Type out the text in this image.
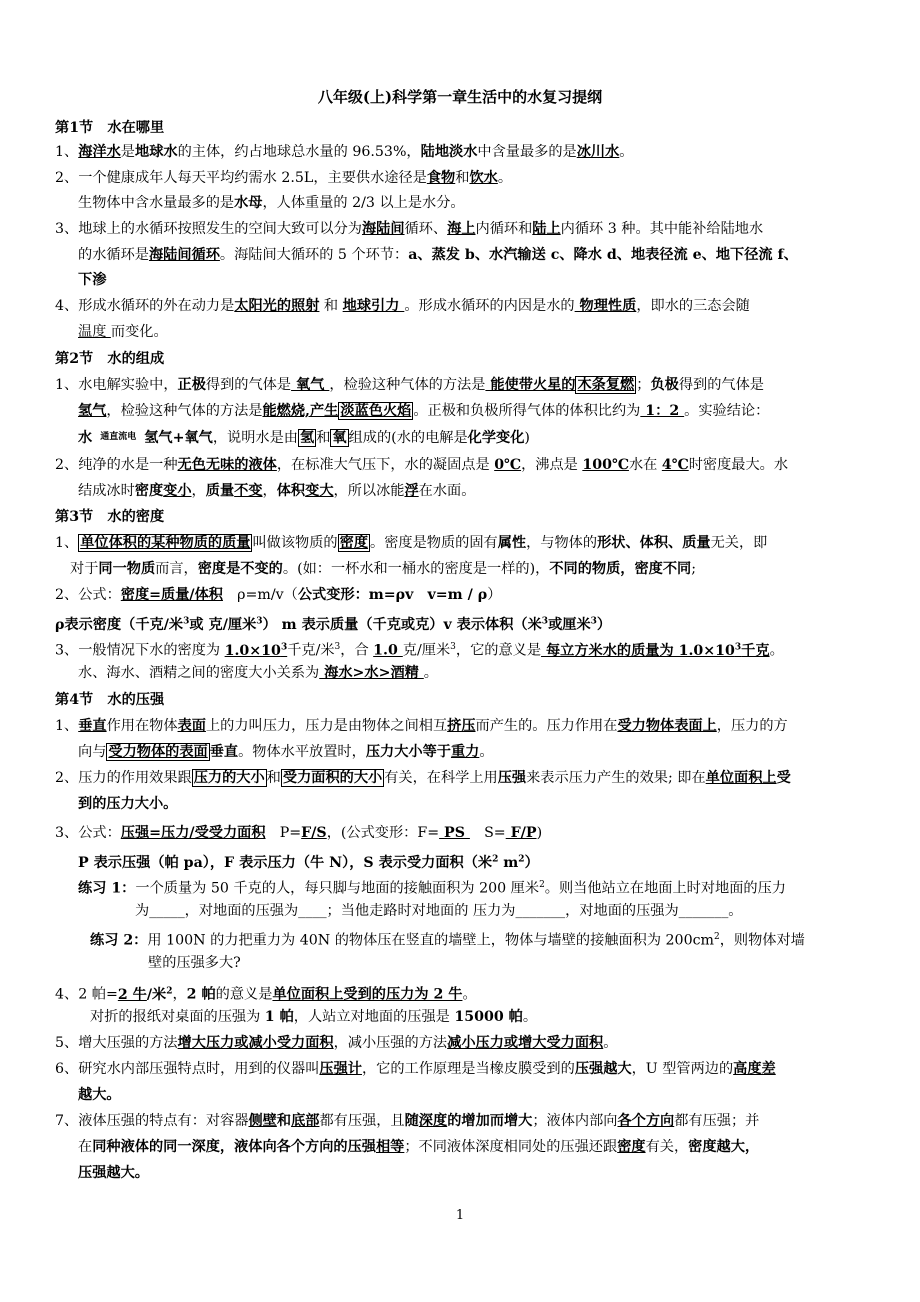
八年级(上)科学第一章生活中的水复习提纲
第1节　水在哪里
1、海洋水是地球水的主体，约占地球总水量的 96.53%，陆地淡水中含量最多的是冰川水。
2、一个健康成年人每天平均约需水 2.5L，主要供水途径是食物和饮水。
生物体中含水量最多的是水母，人体重量的 2/3 以上是水分。
3、地球上的水循环按照发生的空间大致可以分为海陆间循环、海上内循环和陆上内循环 3 种。其中能补给陆地水
的水循环是海陆间循环。海陆间大循环的 5 个环节：a、蒸发 b、水汽输送 c、降水 d、地表径流 e、地下径流 f、
下渗
4、形成水循环的外在动力是太阳光的照射 和 地球引力 。形成水循环的内因是水的 物理性质，即水的三态会随
温度 而变化。
第2节　水的组成
1、水电解实验中，正极得到的气体是 氧气 ，检验这种气体的方法是 能使带火星的 木条复燃 ；负极得到的气体是
氢气，检验这种气体的方法是能燃烧,产生 淡蓝色火焰 。正极和负极所得气体的体积比约为 1：2 。实验结论：
水 $^{通直流电}$ 氢气+氧气，说明水是由 氢 和 氧 组成的(水的电解是化学变化)
2、纯净的水是一种无色无味的液体，在标准大气压下，水的凝固点是 0℃，沸点是 100℃水在 4℃时密度最大。水
结成冰时密度变小，质量不变，体积变大，所以冰能浮在水面。
第3节　水的密度
1、 单位体积的某种物质的质量 叫做该物质的 密度 。密度是物质的固有属性，与物体的形状、体积、质量无关，即
对于同一物质而言，密度是不变的。(如：一杯水和一桶水的密度是一样的)，不同的物质，密度不同;
2、公式：密度=质量/体积　ρ=m/v（公式变形：m=ρv　v=m / ρ）
ρ表示密度（千克/米$^3$或 克/厘米$^3$） m 表示质量（千克或克）v 表示体积（米$^3$或厘米$^3$）
3、一般情况下水的密度为 $1.0\times 10^3$千克/米$^3$，合 1.0 克/厘米$^3$，它的意义是 每立方米水的质量为 $1.0\times 10^3$千克。
水、海水、酒精之间的密度大小关系为 海水>水>酒精 。
第4节　水的压强
1、垂直作用在物体表面上的力叫压力，压力是由物体之间相互挤压而产生的。压力作用在受力物体表面上，压力的方
向与 受力物体的表面 垂直。物体水平放置时，压力大小等于重力。
2、压力的作用效果跟 压力的大小 和 受力面积的大小 有关，在科学上用压强来表示压力产生的效果; 即在单位面积上受
到的压力大小。
3、公式：压强=压力/受受力面积　P=F/S，(公式变形：F= PS 　S= F/P)
P 表示压强（帕 pa），F 表示压力（牛 N），S 表示受力面积（米$^2$ $m^2$）
练习 1：一个质量为 50 千克的人，每只脚与地面的接触面积为 200 厘米$^2$。则当他站立在地面上时对地面的压力
为_____，对地面的压强为____；当他走路时对地面的 压力为_______，对地面的压强为_______。
练习 2：用 100N 的力把重力为 40N 的物体压在竖直的墙壁上，物体与墙壁的接触面积为 $200cm^2$，则物体对墙
壁的压强多大?
4、2 帕=2 牛/米$^2$，2 帕的意义是单位面积上受到的压力为 2 牛。
对折的报纸对桌面的压强为 1 帕，人站立对地面的压强是 15000 帕。
5、增大压强的方法增大压力或减小受力面积，减小压强的方法减小压力或增大受力面积。
6、研究水内部压强特点时，用到的仪器叫压强计，它的工作原理是当橡皮膜受到的压强越大，U 型管两边的高度差
越大。
7、液体压强的特点有：对容器侧壁和底部都有压强，且随深度的增加而增大；液体内部向各个方向都有压强；并
在同种液体的同一深度，液体向各个方向的压强相等；不同液体深度相同处的压强还跟密度有关，密度越大，
压强越大。
1
